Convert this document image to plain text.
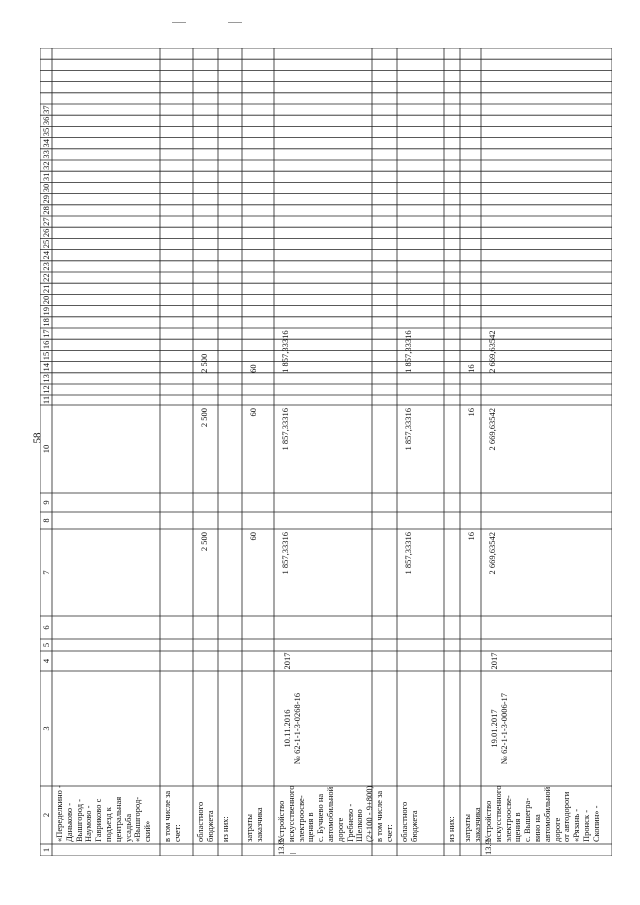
58
1
2
3
4
5
6
7
8
9
10
11
12
13
14
15
16
17
18
19
20
21
22
23
24
25
26
27
28
29
30
31
32
33
34
35
36
37
«Переделкино - Даньково - Вышгород - Наумово - Гавриково с подъезд к центральная усадьба «Вышгород- ский» в том числе за счет: областного бюджета
2 500
2 500
2 500
из них: затраты заказчика
60
60
60
13.8.
Устройство искусственного электроосве- щения в с. Бучнево на автомобильной дороге Гребнево - Шелково (2+100 - 9+800)
10.11.2016 № 62-1-1-3-0268-16
2017
1 857,33316
1 857,33316
1 857,33316
в том числе за счет: областного бюджета
1 857,33316
1 857,33316
1 857,33316
из них: затраты заказчика
16
16
16
13.9.
Устройство искусственного электроосве- щения в с. Вышегра- вино на автомобильной дороге от автодороги «Рязань - Пронск - Скопин» -
19.01.2017 № 62-1-1-3-0006-17
2017
2 669,63542
2 669,63542
2 669,63542
